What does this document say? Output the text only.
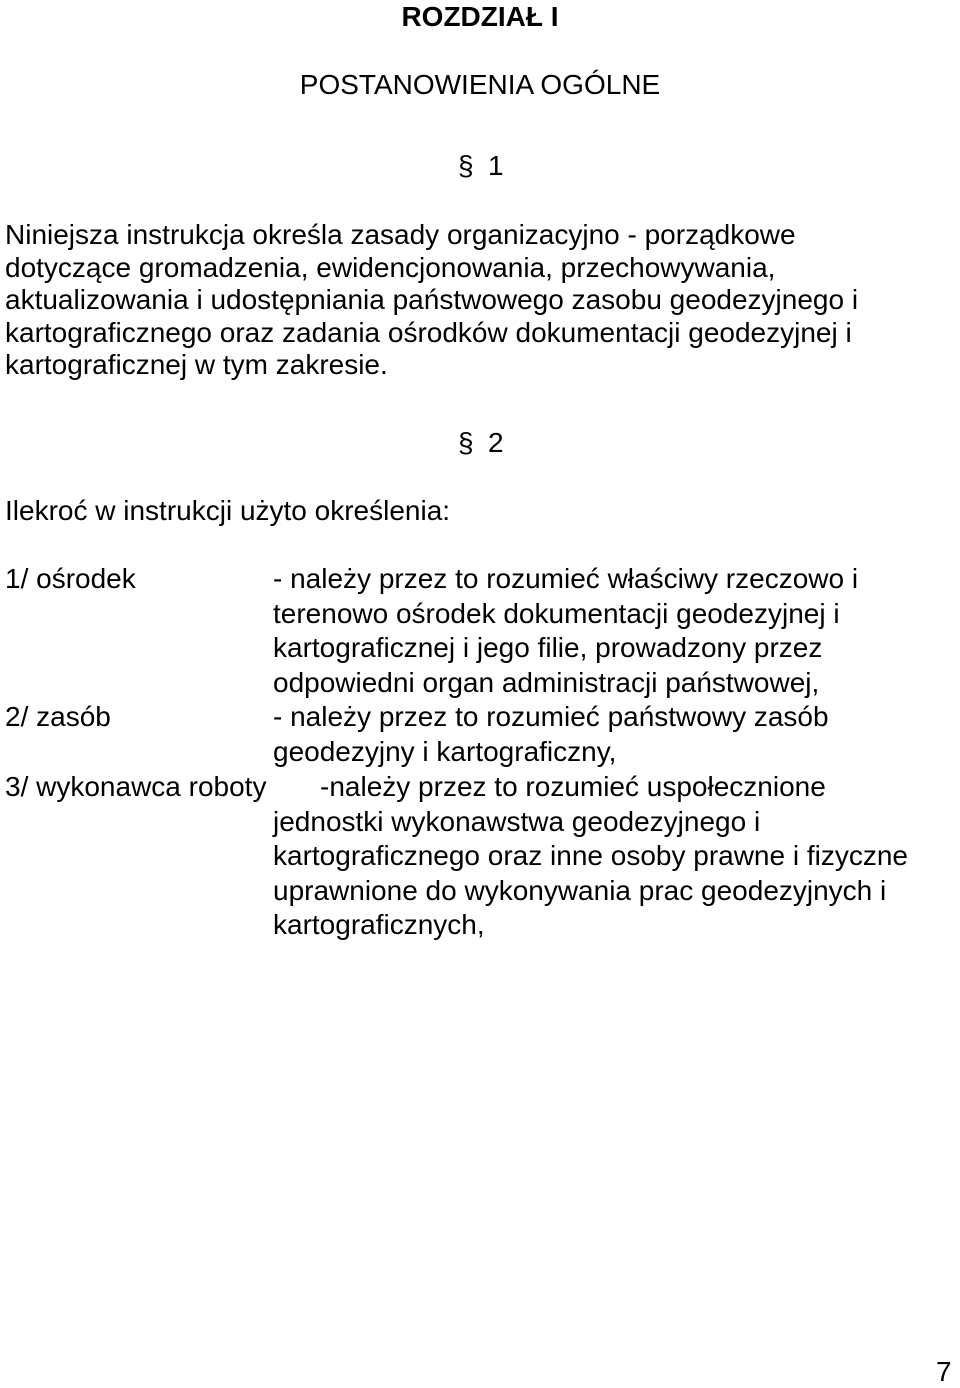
ROZDZIAŁ I
POSTANOWIENIA OGÓLNE
§ 1
Niniejsza instrukcja określa zasady organizacyjno - porządkowe
dotyczące gromadzenia, ewidencjonowania, przechowywania,
aktualizowania i udostępniania państwowego zasobu geodezyjnego i
kartograficznego oraz zadania ośrodków dokumentacji geodezyjnej i
kartograficznej w tym zakresie.
§ 2
Ilekroć w instrukcji użyto określenia:
1/ ośrodek	- należy przez to rozumieć właściwy rzeczowo i
terenowo ośrodek dokumentacji geodezyjnej i
kartograficznej i jego filie, prowadzony przez
odpowiedni organ administracji państwowej,
2/ zasób	- należy przez to rozumieć państwowy zasób
geodezyjny i kartograficzny,
3/ wykonawca roboty -należy przez to rozumieć uspołecznione
jednostki wykonawstwa geodezyjnego i
kartograficznego oraz inne osoby prawne i fizyczne
uprawnione do wykonywania prac geodezyjnych i
kartograficznych,
7
